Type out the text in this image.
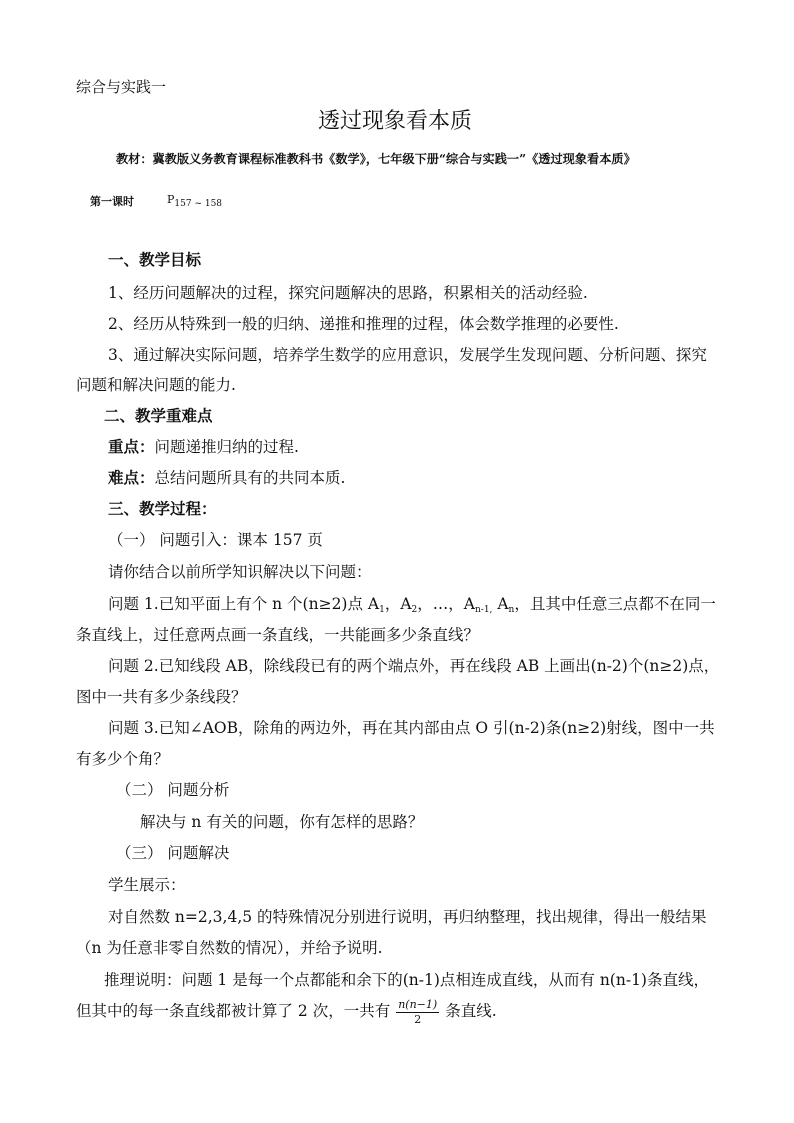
综合与实践一
透过现象看本质
教材：冀教版义务教育课程标准教科书《数学》，七年级下册“综合与实践一”《透过现象看本质》
第一课时	$P_{157 \sim 158}$
一、教学目标
1、经历问题解决的过程，探究问题解决的思路，积累相关的活动经验.
2、经历从特殊到一般的归纳、递推和推理的过程，体会数学推理的必要性.
3、通过解决实际问题，培养学生数学的应用意识，发展学生发现问题、分析问题、探究
问题和解决问题的能力.
二、教学重难点
重点：问题递推归纳的过程.
难点：总结问题所具有的共同本质.
三、教学过程：
（一） 问题引入：课本 157 页
请你结合以前所学知识解决以下问题：
问题 1.已知平面上有个 n 个(n≥2)点 $A_1$，$A_2$，…，$A_{n-1,}$ $A_n$，且其中任意三点都不在同一
条直线上，过任意两点画一条直线，一共能画多少条直线？
问题 2.已知线段 AB，除线段已有的两个端点外，再在线段 AB 上画出(n-2)个(n≥2)点，
图中一共有多少条线段？
问题 3.已知∠AOB，除角的两边外，再在其内部由点 O 引(n-2)条(n≥2)射线，图中一共
有多少个角？
（二） 问题分析
解决与 n 有关的问题，你有怎样的思路？
（三） 问题解决
学生展示：
对自然数 n=2,3,4,5 的特殊情况分别进行说明，再归纳整理，找出规律，得出一般结果
（n 为任意非零自然数的情况），并给予说明.
推理说明：问题 1 是每一个点都能和余下的(n-1)点相连成直线，从而有 n(n-1)条直线，
但其中的每一条直线都被计算了 2 次，一共有 $\frac{n(n-1)}{2}$ 条直线.
